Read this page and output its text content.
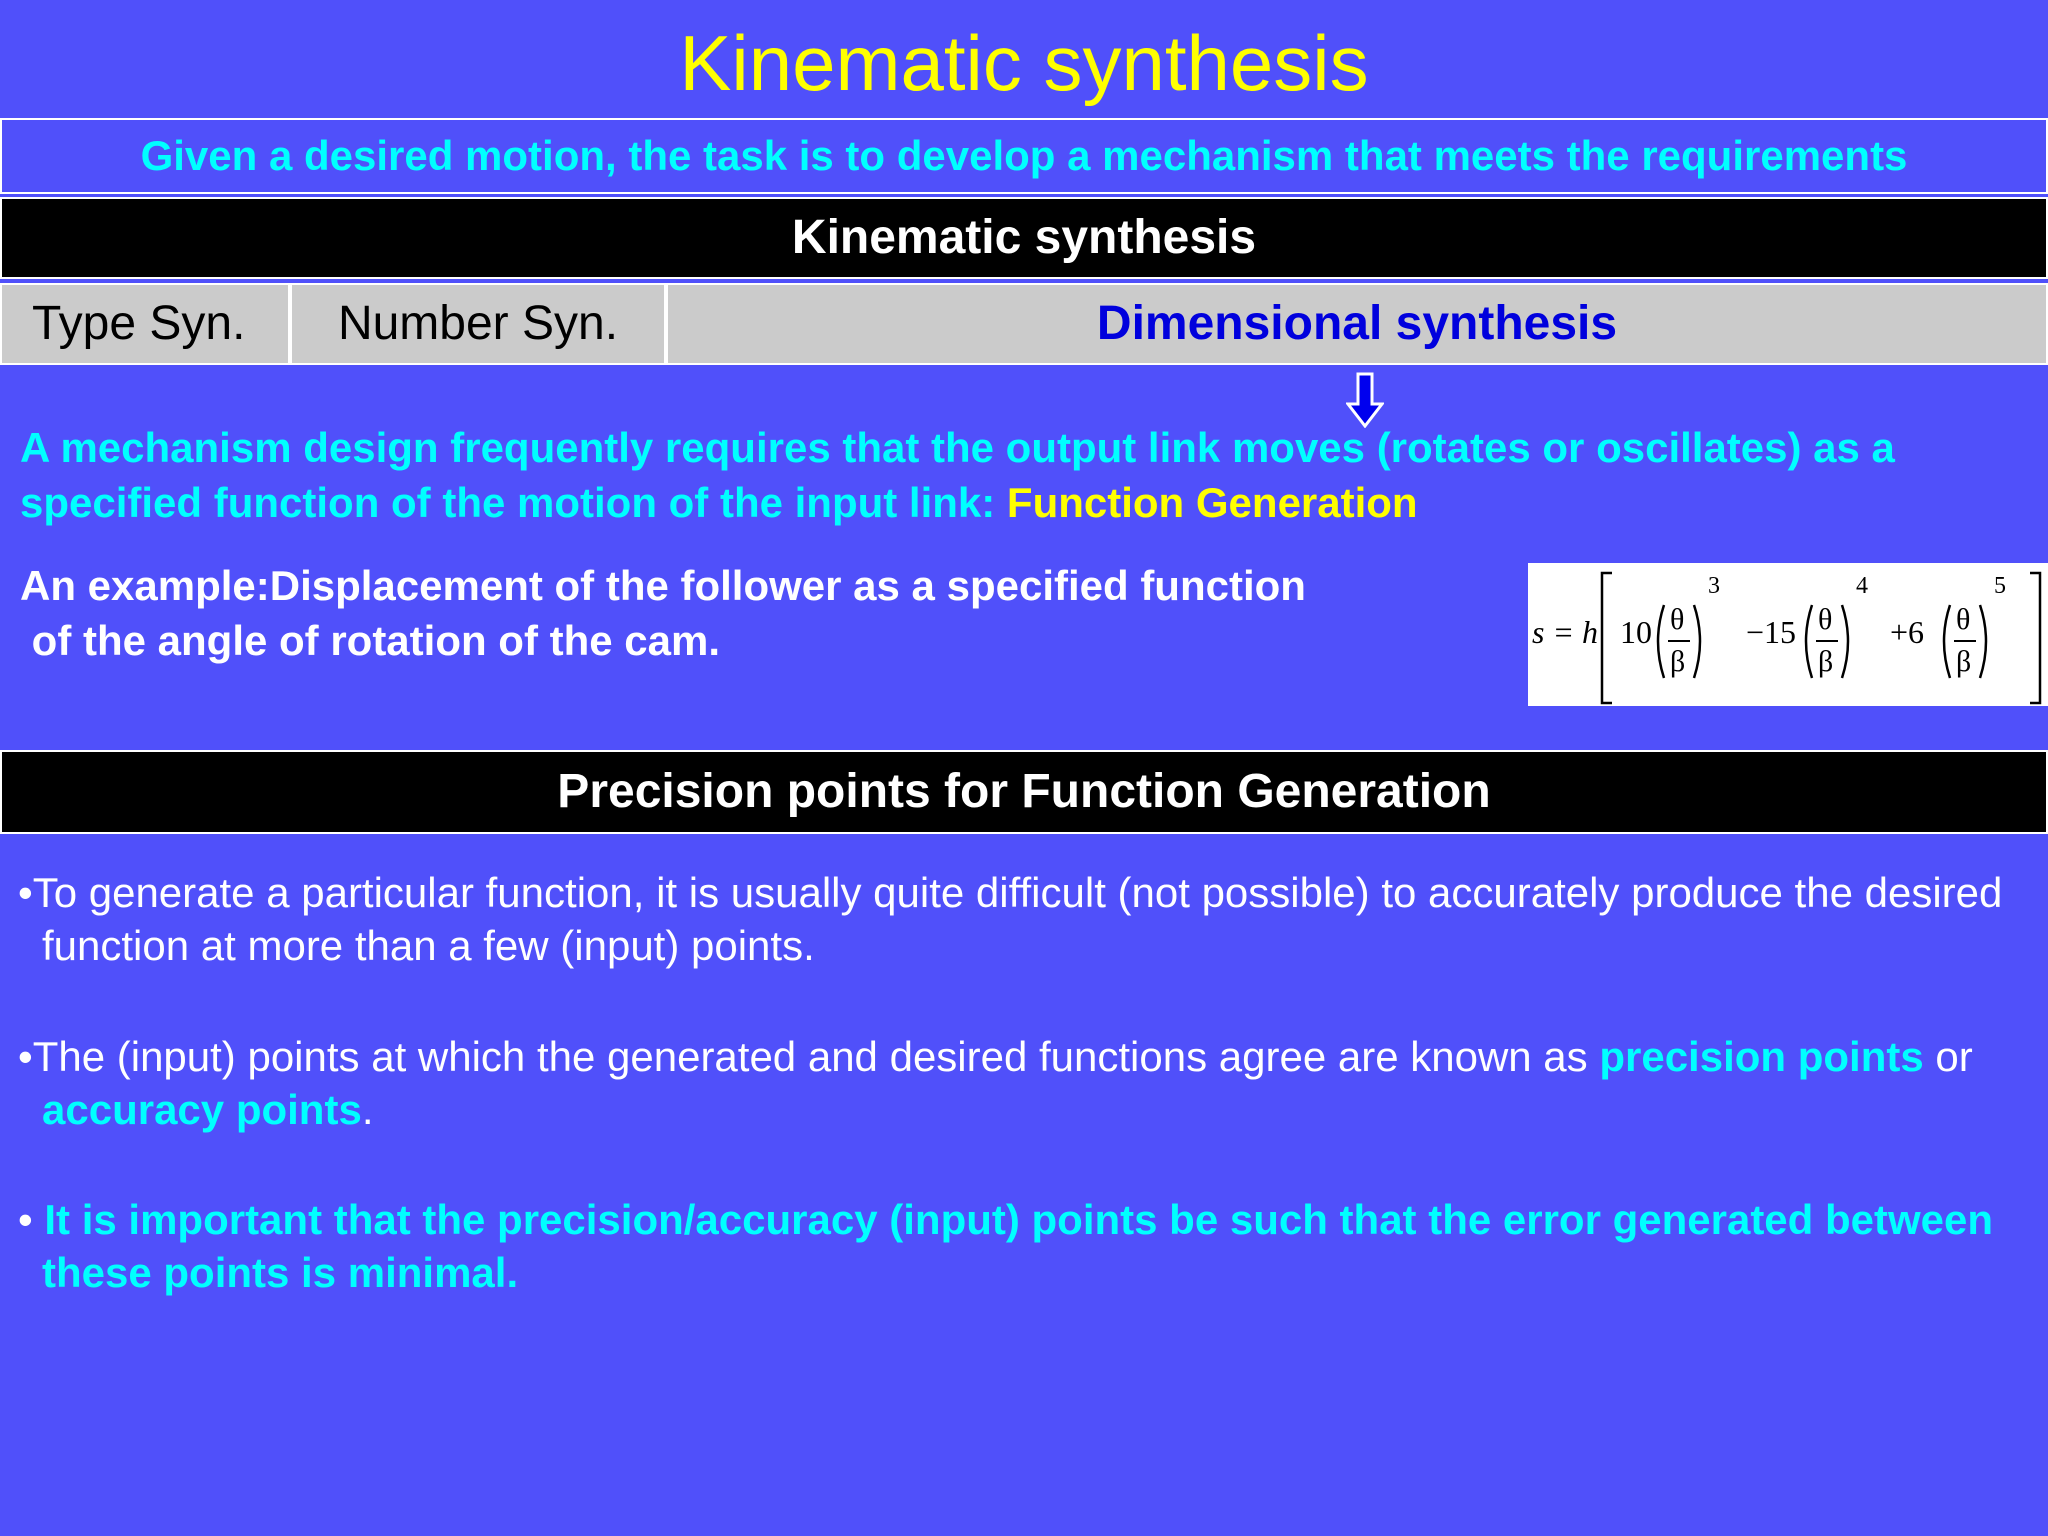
Kinematic synthesis
Given a desired motion, the task is to develop a mechanism that meets the requirements
Kinematic synthesis
Type Syn.	Number Syn.	Dimensional synthesis
A mechanism design frequently requires that the output link moves (rotates or oscillates) as a specified function of the motion of the input link: Function Generation
An example:Displacement of the follower as a specified function
of the angle of rotation of the cam.	s = h 10 θ
β
3
−15 θ
β
4
+6 θ
β
5
Precision points for Function Generation
•To generate a particular function, it is usually quite difficult (not possible) to accurately produce the desired function at more than a few (input) points.
•The (input) points at which the generated and desired functions agree are known as precision points or accuracy points.
• It is important that the precision/accuracy (input) points be such that the error generated between these points is minimal.
